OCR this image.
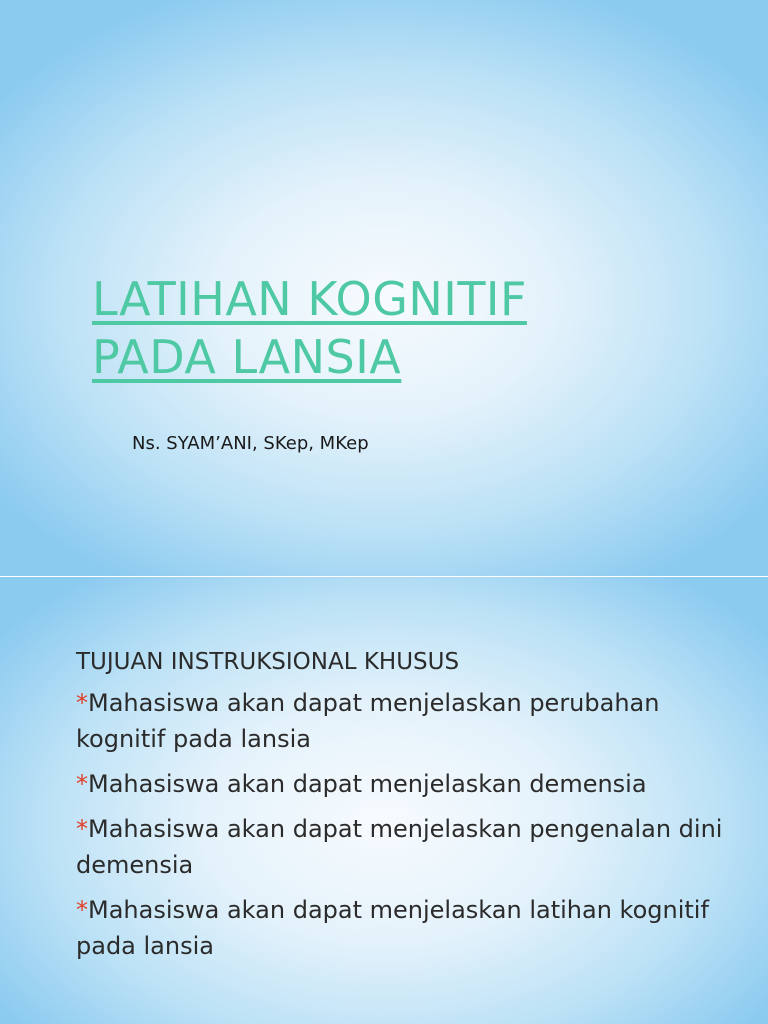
LATIHAN KOGNITIF
PADA LANSIA
Ns. SYAM’ANI, SKep, MKep
TUJUAN INSTRUKSIONAL KHUSUS
*Mahasiswa akan dapat menjelaskan perubahan kognitif pada lansia
*Mahasiswa akan dapat menjelaskan demensia
*Mahasiswa akan dapat menjelaskan pengenalan dini demensia
*Mahasiswa akan dapat menjelaskan latihan kognitif pada lansia
